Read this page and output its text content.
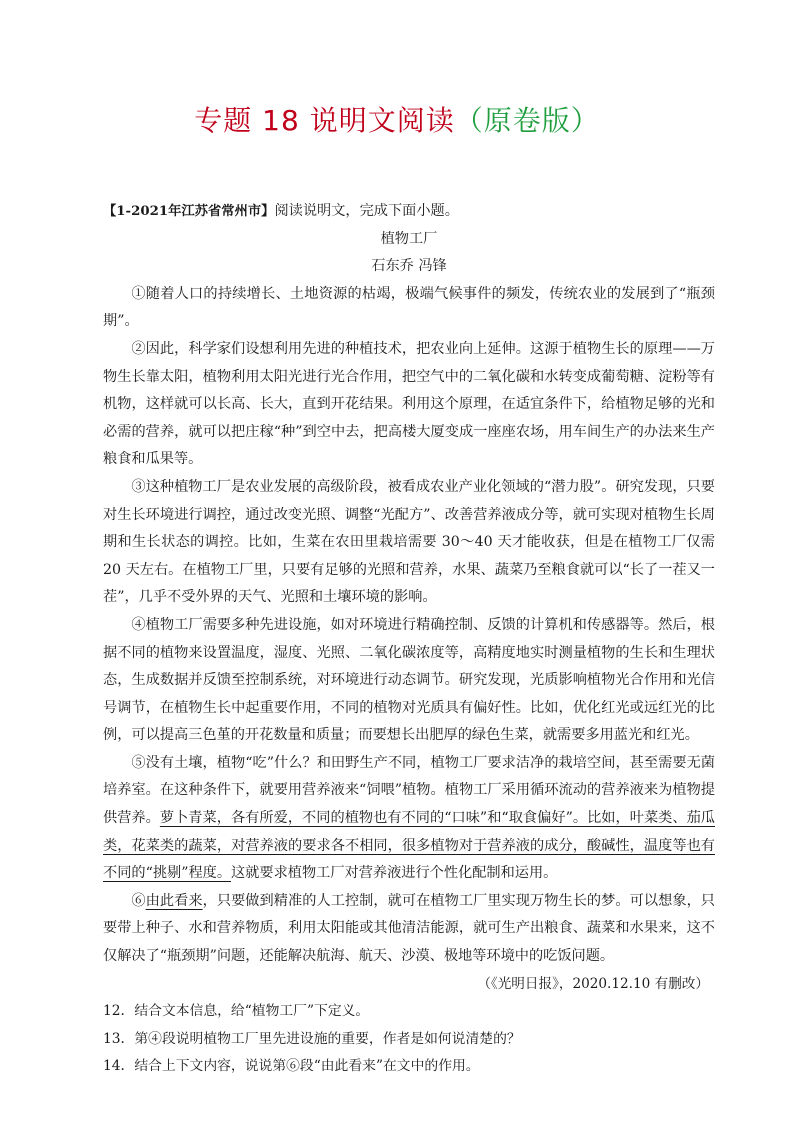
专题 18 说明文阅读（原卷版）

【1-2021年江苏省常州市】阅读说明文，完成下面小题。

植物工厂

石东乔 冯锋

①随着人口的持续增长、土地资源的枯竭，极端气候事件的频发，传统农业的发展到了“瓶颈期”。

②因此，科学家们设想利用先进的种植技术，把农业向上延伸。这源于植物生长的原理——万物生长靠太阳，植物利用太阳光进行光合作用，把空气中的二氧化碳和水转变成葡萄糖、淀粉等有机物，这样就可以长高、长大，直到开花结果。利用这个原理，在适宜条件下，给植物足够的光和必需的营养，就可以把庄稼“种”到空中去，把高楼大厦变成一座座农场，用车间生产的办法来生产粮食和瓜果等。

③这种植物工厂是农业发展的高级阶段，被看成农业产业化领域的“潜力股”。研究发现，只要对生长环境进行调控，通过改变光照、调整“光配方”、改善营养液成分等，就可实现对植物生长周期和生长状态的调控。比如，生菜在农田里栽培需要 30～40 天才能收获，但是在植物工厂仅需 20 天左右。在植物工厂里，只要有足够的光照和营养，水果、蔬菜乃至粮食就可以“长了一茬又一茬”，几乎不受外界的天气、光照和土壤环境的影响。

④植物工厂需要多种先进设施，如对环境进行精确控制、反馈的计算机和传感器等。然后，根据不同的植物来设置温度，湿度、光照、二氧化碳浓度等，高精度地实时测量植物的生长和生理状态，生成数据并反馈至控制系统，对环境进行动态调节。研究发现，光质影响植物光合作用和光信号调节，在植物生长中起重要作用，不同的植物对光质具有偏好性。比如，优化红光或远红光的比例，可以提高三色堇的开花数量和质量；而要想长出肥厚的绿色生菜，就需要多用蓝光和红光。

⑤没有土壤，植物“吃”什么？和田野生产不同，植物工厂要求洁净的栽培空间，甚至需要无菌培养室。在这种条件下，就要用营养液来“饲喂”植物。植物工厂采用循环流动的营养液来为植物提供营养。萝卜青菜，各有所爱，不同的植物也有不同的“口味”和“取食偏好”。比如，叶菜类、茄瓜类，花菜类的蔬菜，对营养液的要求各不相同，很多植物对于营养液的成分，酸碱性，温度等也有不同的“挑剔”程度。这就要求植物工厂对营养液进行个性化配制和运用。

⑥由此看来，只要做到精准的人工控制，就可在植物工厂里实现万物生长的梦。可以想象，只要带上种子、水和营养物质，利用太阳能或其他清洁能源，就可生产出粮食、蔬菜和水果来，这不仅解决了“瓶颈期”问题，还能解决航海、航天、沙漠、极地等环境中的吃饭问题。

（《光明日报》，2020.12.10 有删改）

12．结合文本信息，给“植物工厂”下定义。

13．第④段说明植物工厂里先进设施的重要，作者是如何说清楚的？

14．结合上下文内容，说说第⑥段“由此看来”在文中的作用。
